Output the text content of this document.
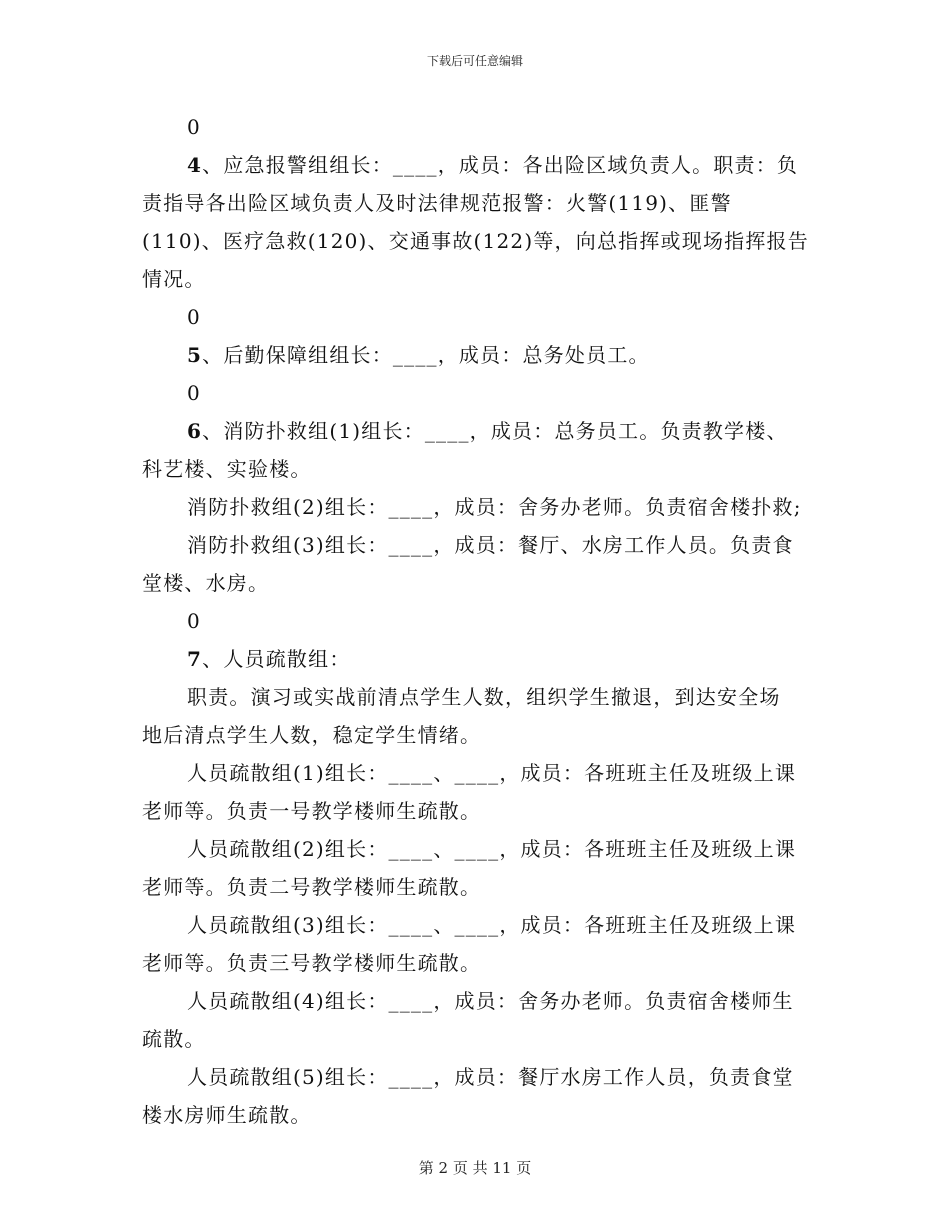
下载后可任意编辑
0
4、应急报警组组长：____，成员：各出险区域负责人。职责：负
责指导各出险区域负责人及时法律规范报警：火警(119)、匪警
(110)、医疗急救(120)、交通事故(122)等，向总指挥或现场指挥报告
情况。
0
5、后勤保障组组长：____，成员：总务处员工。
0
6、消防扑救组(1)组长：____，成员：总务员工。负责教学楼、
科艺楼、实验楼。
消防扑救组(2)组长：____，成员：舍务办老师。负责宿舍楼扑救;
消防扑救组(3)组长：____，成员：餐厅、水房工作人员。负责食
堂楼、水房。
0
7、人员疏散组：
职责。演习或实战前清点学生人数，组织学生撤退，到达安全场
地后清点学生人数，稳定学生情绪。
人员疏散组(1)组长：____、____，成员：各班班主任及班级上课
老师等。负责一号教学楼师生疏散。
人员疏散组(2)组长：____、____，成员：各班班主任及班级上课
老师等。负责二号教学楼师生疏散。
人员疏散组(3)组长：____、____，成员：各班班主任及班级上课
老师等。负责三号教学楼师生疏散。
人员疏散组(4)组长：____，成员：舍务办老师。负责宿舍楼师生
疏散。
人员疏散组(5)组长：____，成员：餐厅水房工作人员，负责食堂
楼水房师生疏散。
第 2 页 共 11 页
